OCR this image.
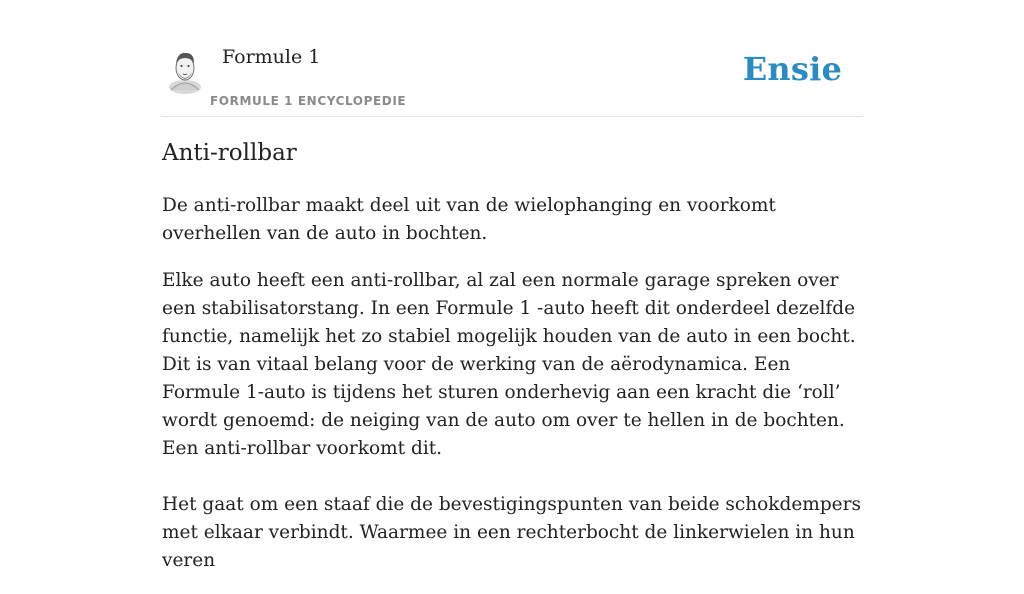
Formule 1
FORMULE 1 ENCYCLOPEDIE
Ensie
Anti-rollbar

De anti-rollbar maakt deel uit van de wielophanging en voorkomt overhellen van de auto in bochten.

Elke auto heeft een anti-rollbar, al zal een normale garage spreken over een stabilisatorstang. In een Formule 1 -auto heeft dit onderdeel dezelfde functie, namelijk het zo stabiel mogelijk houden van de auto in een bocht. Dit is van vitaal belang voor de werking van de aërodynamica. Een Formule 1-auto is tijdens het sturen onderhevig aan een kracht die ‘roll’ wordt genoemd: de neiging van de auto om over te hellen in de bochten. Een anti-rollbar voorkomt dit.

Het gaat om een staaf die de bevestigingspunten van beide schokdempers met elkaar verbindt. Waarmee in een rechterbocht de linkerwielen in hun veren
